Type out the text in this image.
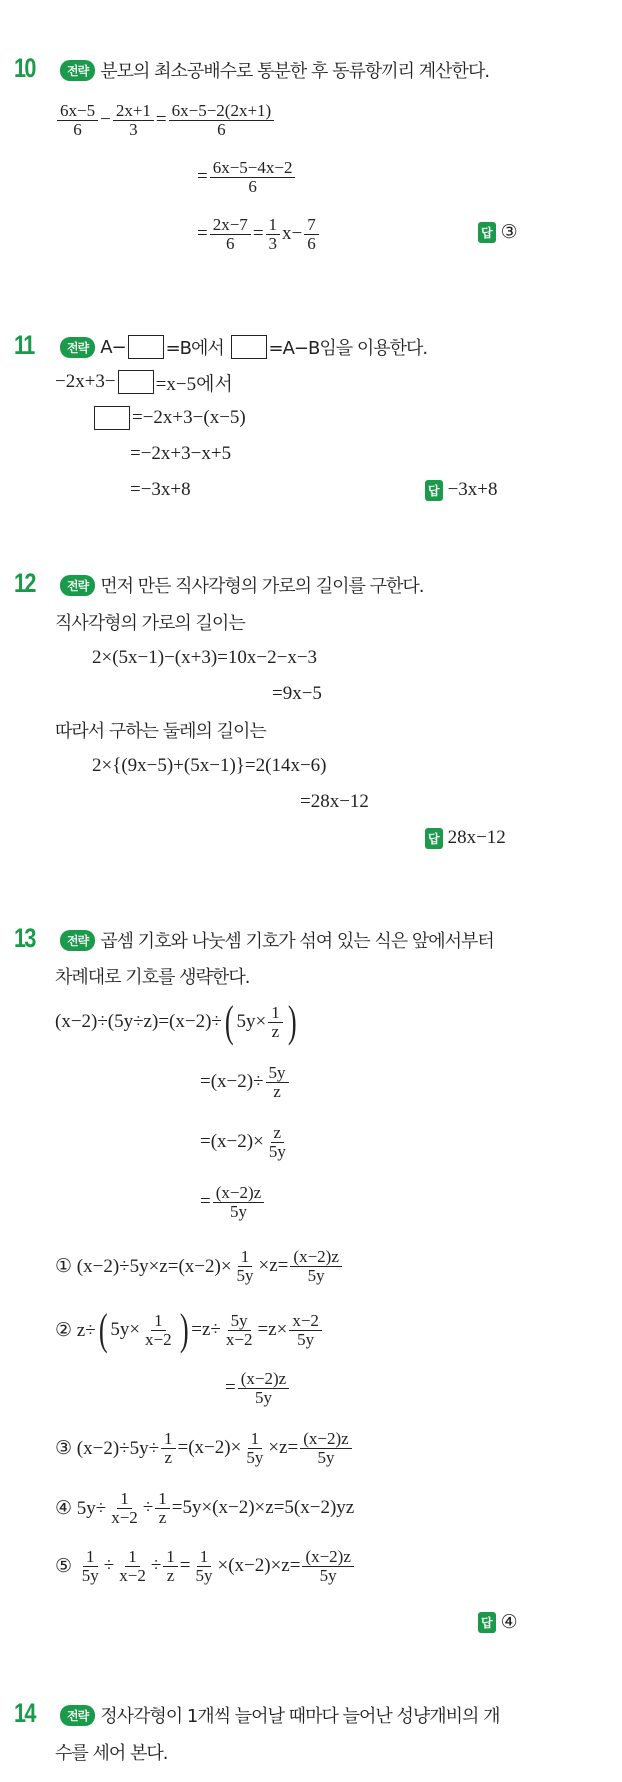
10	전략 분모의 최소공배수로 통분한 후 동류항끼리 계산한다.
$\frac{6x-5}{6} - \frac{2x+1}{3} = \frac{6x-5-2(2x+1)}{6}$
= $\frac{6x-5-4x-2}{6}$
= $\frac{2x-7}{6} = \frac{1}{3} x- \frac{7}{6}$	답 ③
11	전략 A− =B에서 =A−B임을 이용한다.
−2x+3− =x−5에서
=−2x+3−(x−5)
=−2x+3−x+5
=−3x+8	답 −3x+8
12	전략 먼저 만든 직사각형의 가로의 길이를 구한다.
직사각형의 가로의 길이는
2×(5x−1)−(x+3)=10x−2−x−3
=9x−5
따라서 구하는 둘레의 길이는
2×{(9x−5)+(5x−1)}=2(14x−6)
=28x−12
답 28x−12
13	전략 곱셈 기호와 나눗셈 기호가 섞여 있는 식은 앞에서부터
차례대로 기호를 생략한다.
(x−2)÷(5y÷z)=(x−2)÷ ( $5y\times \frac{1}{z}$ )
$=(x-2)\div \frac{5y}{z}$
$=(x-2)\times \frac{z}{5y}$
= $\frac{(x-2)z}{5y}$
① $(x-2)\div 5y\times z=(x-2)\times \frac{1}{5y} \times z= \frac{(x-2)z}{5y}$
② z÷ ( $5y\times \frac{1}{x-2}$ ) $=z\div \frac{5y}{x-2} =z\times \frac{x-2}{5y}$
= $\frac{(x-2)z}{5y}$
③ $(x-2)\div 5y\div \frac{1}{z} =(x-2)\times \frac{1}{5y} \times z= \frac{(x-2)z}{5y}$
④ $5y\div \frac{1}{x-2} \div \frac{1}{z} =5y\times(x-2)\times z=5(x-2)yz$
⑤ $\frac{1}{5y} \div \frac{1}{x-2} \div \frac{1}{z} = \frac{1}{5y} \times(x-2)\times z= \frac{(x-2)z}{5y}$
답 ④
14	전략 정사각형이 1개씩 늘어날 때마다 늘어난 성냥개비의 개
수를 세어 본다.
